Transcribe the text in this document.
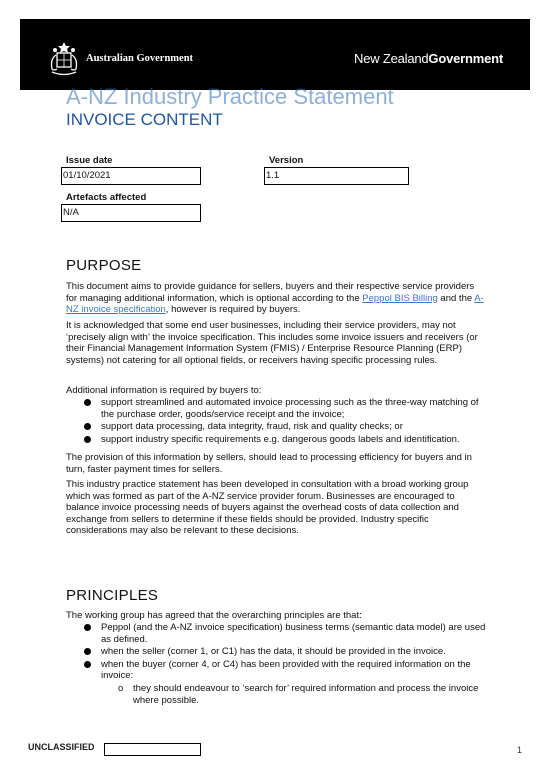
Australian Government	New ZealandGovernment
A-NZ Industry Practice Statement
INVOICE CONTENT
Issue date
01/10/2021
Version
1.1
Artefacts affected
N/A
PURPOSE

This document aims to provide guidance for sellers, buyers and their respective service providers for managing additional information, which is optional according to the Peppol BIS Billing and the A-NZ invoice specification, however is required by buyers.

It is acknowledged that some end user businesses, including their service providers, may not ‘precisely align with’ the invoice specification. This includes some invoice issuers and receivers (or their Financial Management Information System (FMIS) / Enterprise Resource Planning (ERP) systems) not catering for all optional fields, or receivers having specific processing rules.

Additional information is required by buyers to:

support streamlined and automated invoice processing such as the three-way matching of the purchase order, goods/service receipt and the invoice;
support data processing, data integrity, fraud, risk and quality checks; or
support industry specific requirements e.g. dangerous goods labels and identification.

The provision of this information by sellers, should lead to processing efficiency for buyers and in turn, faster payment times for sellers.

This industry practice statement has been developed in consultation with a broad working group which was formed as part of the A-NZ service provider forum. Businesses are encouraged to balance invoice processing needs of buyers against the overhead costs of data collection and exchange from sellers to determine if these fields should be provided. Industry specific considerations may also be relevant to these decisions.

PRINCIPLES

The working group has agreed that the overarching principles are that:

Peppol (and the A-NZ invoice specification) business terms (semantic data model) are used as defined.
when the seller (corner 1, or C1) has the data, it should be provided in the invoice.
when the buyer (corner 4, or C4) has been provided with the required information on the invoice:
o they should endeavour to ‘search for’ required information and process the invoice where possible.
UNCLASSIFIED	1
